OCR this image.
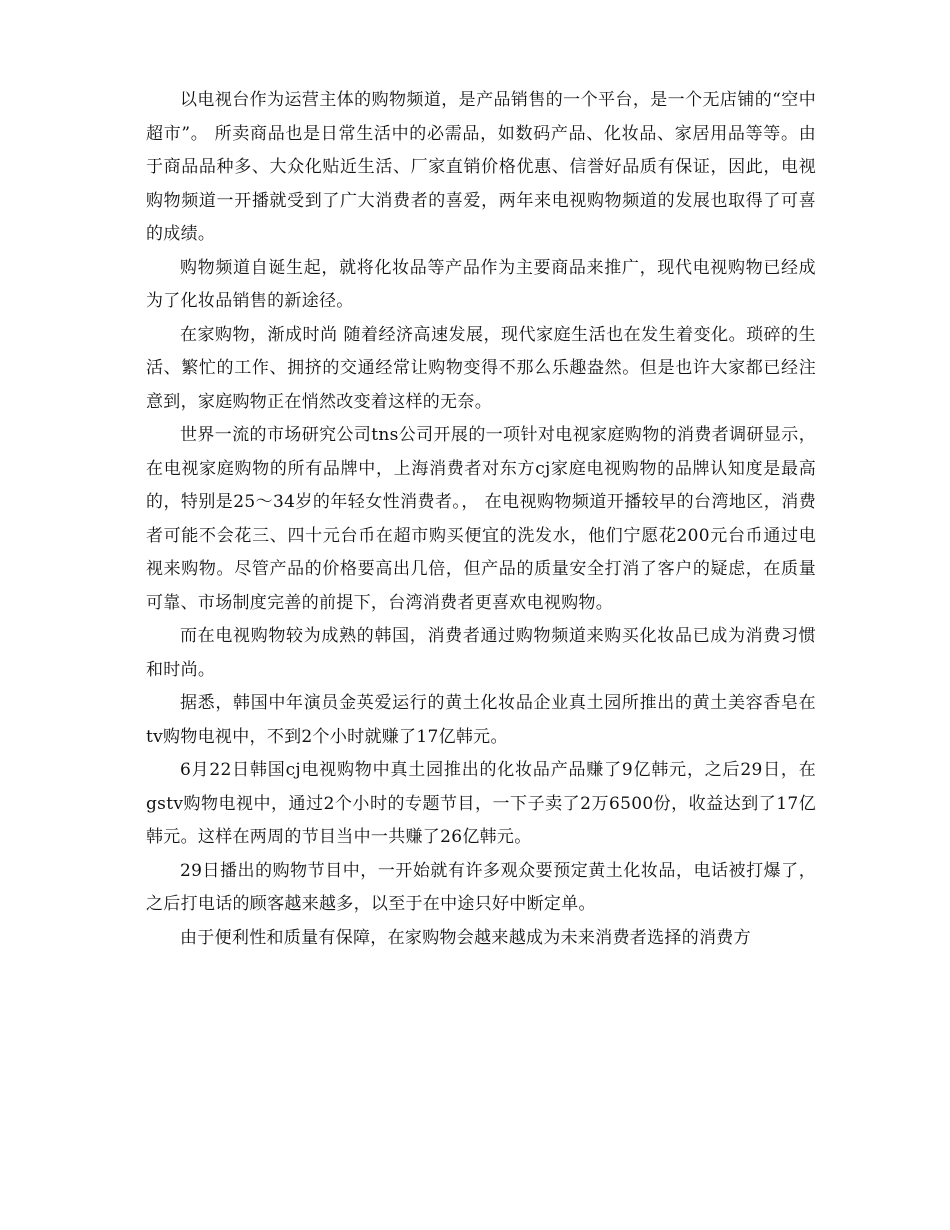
以电视台作为运营主体的购物频道，是产品销售的一个平台，是一个无店铺的“空中超市”。 所卖商品也是日常生活中的必需品，如数码产品、化妆品、家居用品等等。由于商品品种多、大众化贴近生活、厂家直销价格优惠、信誉好品质有保证，因此，电视购物频道一开播就受到了广大消费者的喜爱，两年来电视购物频道的发展也取得了可喜的成绩。

购物频道自诞生起，就将化妆品等产品作为主要商品来推广，现代电视购物已经成为了化妆品销售的新途径。

在家购物，渐成时尚 随着经济高速发展，现代家庭生活也在发生着变化。琐碎的生活、繁忙的工作、拥挤的交通经常让购物变得不那么乐趣盎然。但是也许大家都已经注意到，家庭购物正在悄然改变着这样的无奈。

世界一流的市场研究公司tns公司开展的一项针对电视家庭购物的消费者调研显示，在电视家庭购物的所有品牌中，上海消费者对东方cj家庭电视购物的品牌认知度是最高的，特别是25～34岁的年轻女性消费者。， 在电视购物频道开播较早的台湾地区，消费者可能不会花三、四十元台币在超市购买便宜的洗发水，他们宁愿花200元台币通过电视来购物。尽管产品的价格要高出几倍，但产品的质量安全打消了客户的疑虑，在质量可靠、市场制度完善的前提下，台湾消费者更喜欢电视购物。

而在电视购物较为成熟的韩国，消费者通过购物频道来购买化妆品已成为消费习惯和时尚。

据悉，韩国中年演员金英爱运行的黄土化妆品企业真土园所推出的黄土美容香皂在tv购物电视中，不到2个小时就赚了17亿韩元。

6月22日韩国cj电视购物中真土园推出的化妆品产品赚了9亿韩元，之后29日，在gstv购物电视中，通过2个小时的专题节目，一下子卖了2万6500份，收益达到了17亿韩元。这样在两周的节目当中一共赚了26亿韩元。

29日播出的购物节目中，一开始就有许多观众要预定黄土化妆品，电话被打爆了，之后打电话的顾客越来越多，以至于在中途只好中断定单。

由于便利性和质量有保障，在家购物会越来越成为未来消费者选择的消费方
